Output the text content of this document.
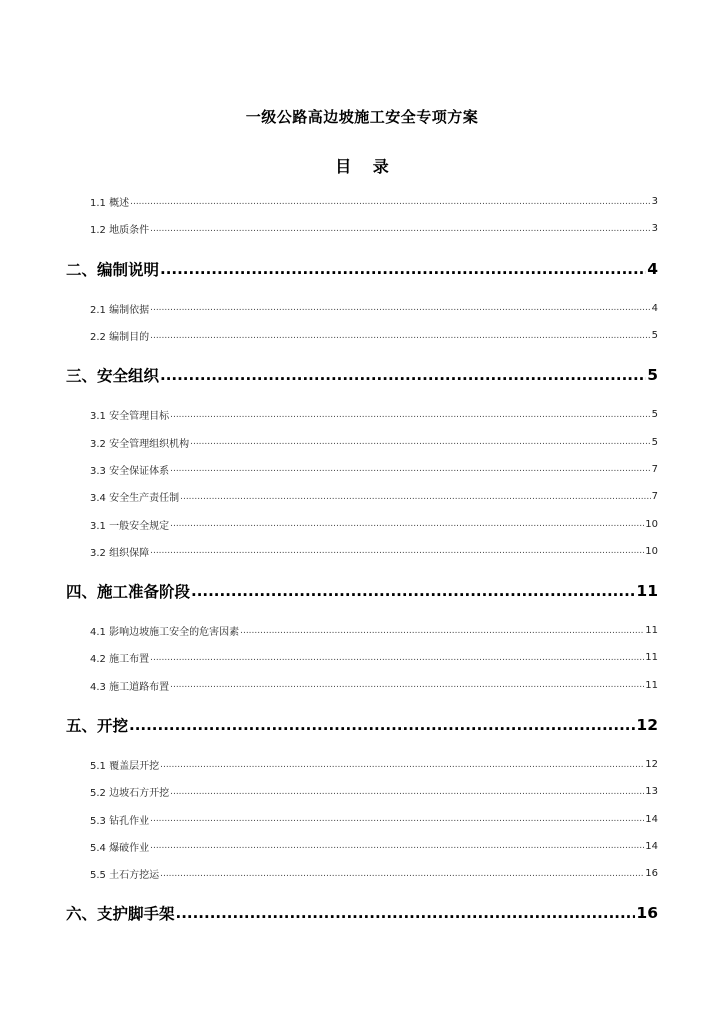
一级公路高边坡施工安全专项方案
目 录
1.1 概述 .....	3
1.2 地质条件 .....	3
二、编制说明 .....	4
2.1 编制依据 .....	4
2.2 编制目的 .....	5
三、安全组织 .....	5
3.1 安全管理目标 .....	5
3.2 安全管理组织机构 .....	5
3.3 安全保证体系 .....	7
3.4 安全生产责任制 .....	7
3.1 一般安全规定 .....	10
3.2 组织保障 .....	10
四、施工准备阶段 .....	11
4.1 影响边坡施工安全的危害因素 .....	11
4.2 施工布置 .....	11
4.3 施工道路布置 .....	11
五、开挖 .....	12
5.1 覆盖层开挖 .....	12
5.2 边坡石方开挖 .....	13
5.3 钻孔作业 .....	14
5.4 爆破作业 .....	14
5.5 土石方挖运 .....	16
六、支护脚手架 .....	16
